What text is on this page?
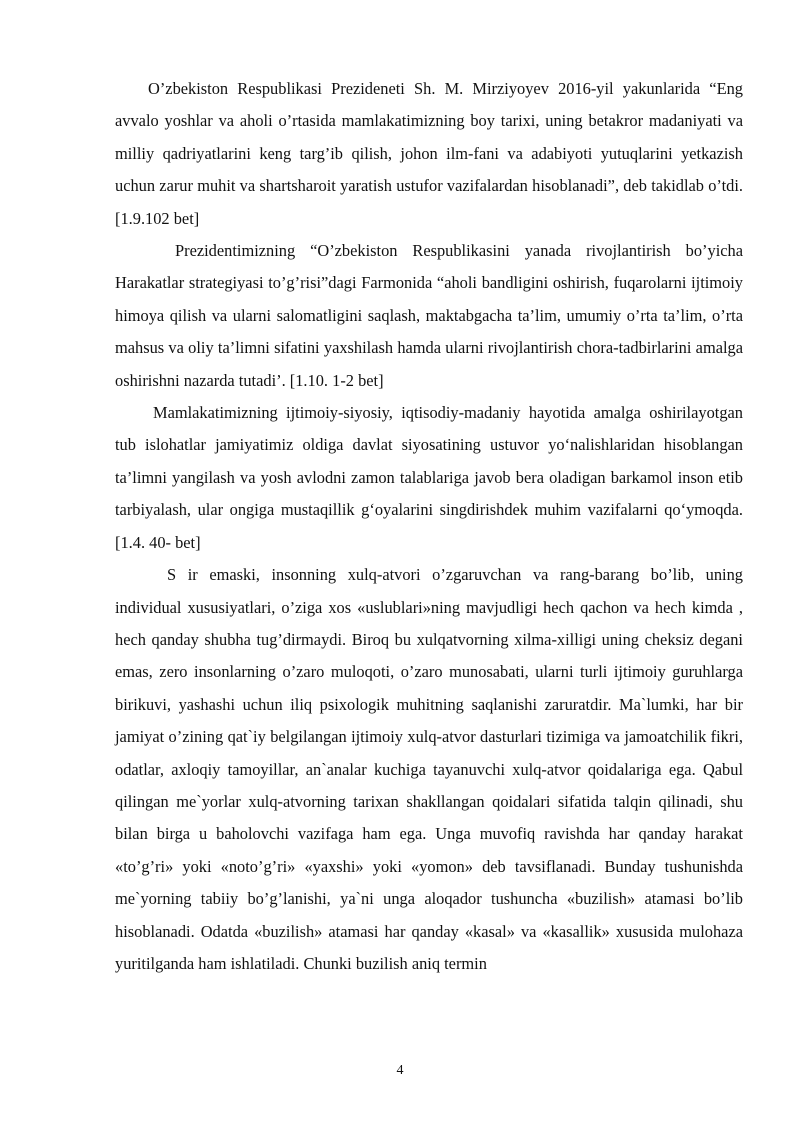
O’zbekiston Respublikasi Prezideneti Sh. M. Mirziyoyev 2016-yil yakunlarida “Eng avvalo yoshlar va aholi o’rtasida mamlakatimizning boy tarixi, uning betakror madaniyati va milliy qadriyatlarini keng targ’ib qilish, johon ilm-fani va adabiyoti yutuqlarini yetkazish uchun zarur muhit va shartsharoit yaratish ustufor vazifalardan hisoblanadi”, deb takidlab o’tdi. [1.9.102 bet]

Prezidentimizning “O’zbekiston Respublikasini yanada rivojlantirish bo’yicha Harakatlar strategiyasi to’g’risi”dagi Farmonida “aholi bandligini oshirish, fuqarolarni ijtimoiy himoya qilish va ularni salomatligini saqlash, maktabgacha ta’lim, umumiy o’rta ta’lim, o’rta mahsus va oliy ta’limni sifatini yaxshilash hamda ularni rivojlantirish chora-tadbirlarini amalga oshirishni nazarda tutadi’. [1.10. 1-2 bet]

Mamlakatimizning ijtimoiy-siyosiy, iqtisodiy-madaniy hayotida amalga oshirilayotgan tub islohatlar jamiyatimiz oldiga davlat siyosatining ustuvor yo‘nalishlaridan hisoblangan ta’limni yangilash va yosh avlodni zamon talablariga javob bera oladigan barkamol inson etib tarbiyalash, ular ongiga mustaqillik g‘oyalarini singdirishdek muhim vazifalarni qo‘ymoqda. [1.4. 40- bet]

S ir emaski, insonning xulq-atvori o’zgaruvchan va rang-barang bo’lib, uning individual xususiyatlari, o’ziga xos «uslublari»ning mavjudligi hech qachon va hech kimda , hech qanday shubha tug’dirmaydi. Biroq bu xulqatvorning xilma-xilligi uning cheksiz degani emas, zero insonlarning o’zaro muloqoti, o’zaro munosabati, ularni turli ijtimoiy guruhlarga birikuvi, yashashi uchun iliq psixologik muhitning saqlanishi zaruratdir. Ma`lumki, har bir jamiyat o’zining qat`iy belgilangan ijtimoiy xulq-atvor dasturlari tizimiga va jamoatchilik fikri, odatlar, axloqiy tamoyillar, an`analar kuchiga tayanuvchi xulq-atvor qoidalariga ega. Qabul qilingan me`yorlar xulq-atvorning tarixan shakllangan qoidalari sifatida talqin qilinadi, shu bilan birga u baholovchi vazifaga ham ega. Unga muvofiq ravishda har qanday harakat «to’g’ri» yoki «noto’g’ri» «yaxshi» yoki «yomon» deb tavsiflanadi. Bunday tushunishda me`yorning tabiiy bo’g’lanishi, ya`ni unga aloqador tushuncha «buzilish» atamasi bo’lib hisoblanadi. Odatda «buzilish» atamasi har qanday «kasal» va «kasallik» xususida mulohaza yuritilganda ham ishlatiladi. Chunki buzilish aniq termin

4
